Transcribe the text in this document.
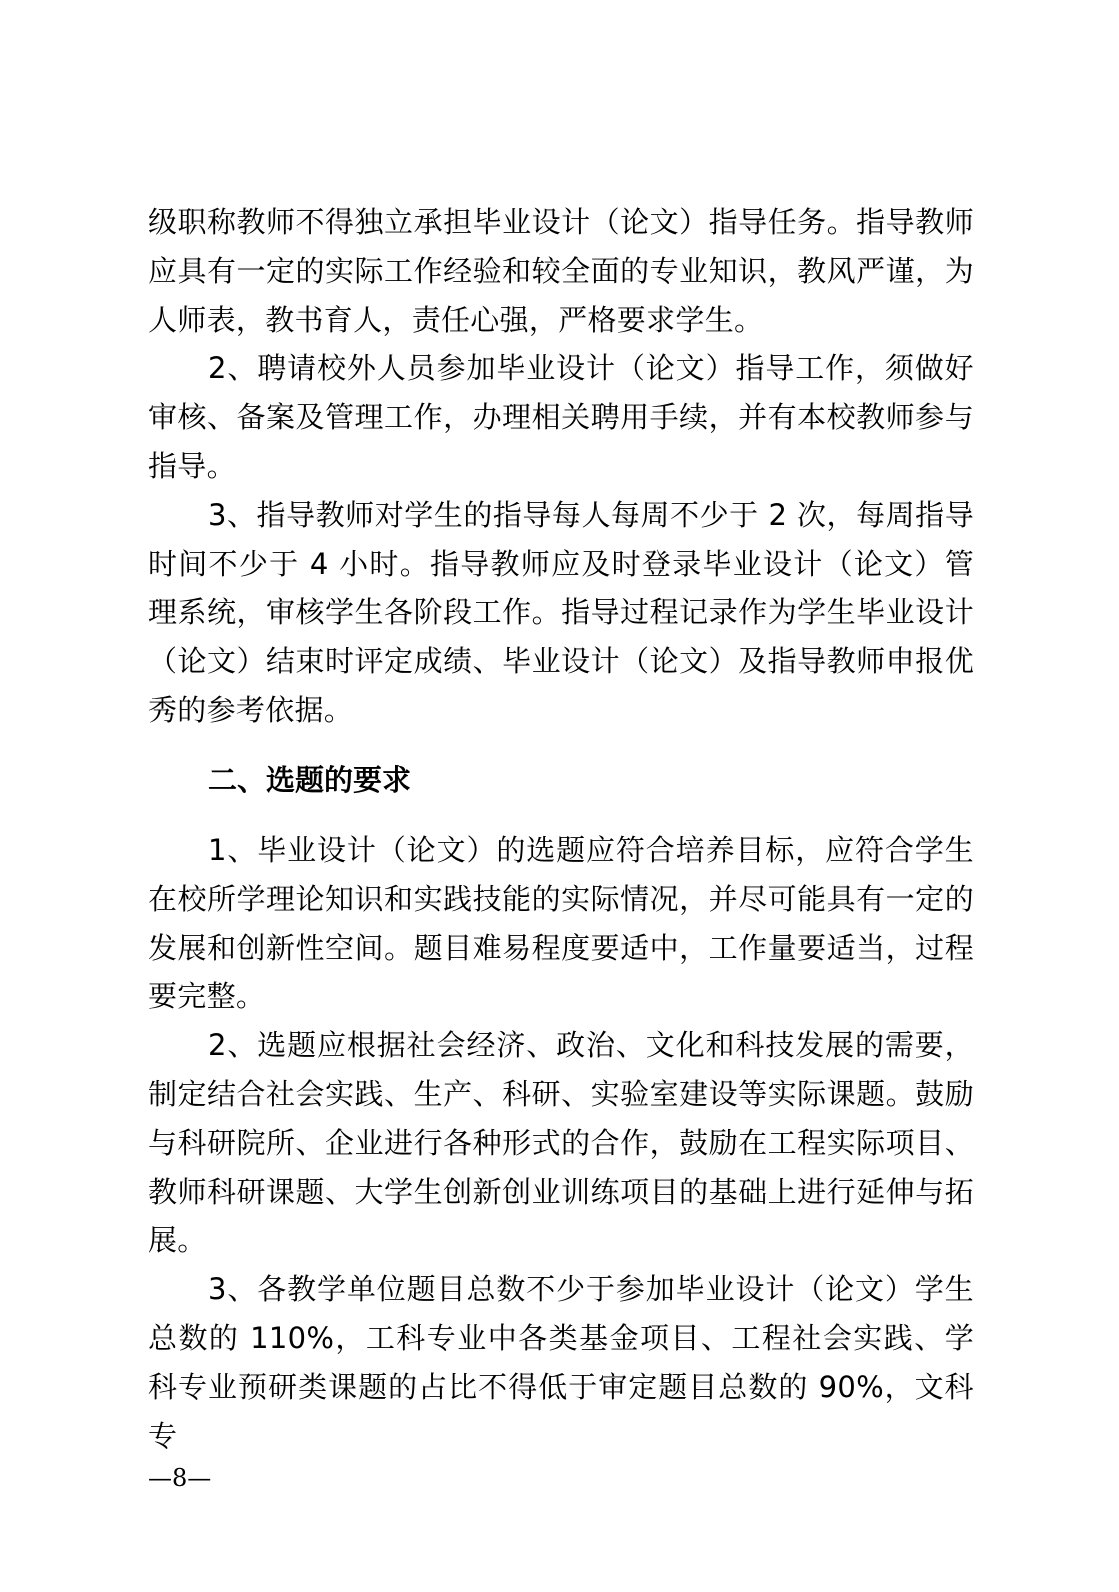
级职称教师不得独立承担毕业设计（论文）指导任务。指导教师应具有一定的实际工作经验和较全面的专业知识，教风严谨，为人师表，教书育人，责任心强，严格要求学生。

2、聘请校外人员参加毕业设计（论文）指导工作，须做好审核、备案及管理工作，办理相关聘用手续，并有本校教师参与指导。

3、指导教师对学生的指导每人每周不少于 2 次，每周指导时间不少于 4 小时。指导教师应及时登录毕业设计（论文）管理系统，审核学生各阶段工作。指导过程记录作为学生毕业设计（论文）结束时评定成绩、毕业设计（论文）及指导教师申报优秀的参考依据。

二、选题的要求

1、毕业设计（论文）的选题应符合培养目标，应符合学生在校所学理论知识和实践技能的实际情况，并尽可能具有一定的发展和创新性空间。题目难易程度要适中，工作量要适当，过程要完整。

2、选题应根据社会经济、政治、文化和科技发展的需要，制定结合社会实践、生产、科研、实验室建设等实际课题。鼓励与科研院所、企业进行各种形式的合作，鼓励在工程实际项目、教师科研课题、大学生创新创业训练项目的基础上进行延伸与拓展。

3、各教学单位题目总数不少于参加毕业设计（论文）学生总数的 110%，工科专业中各类基金项目、工程社会实践、学科专业预研类课题的占比不得低于审定题目总数的 90%，文科专

—8—
